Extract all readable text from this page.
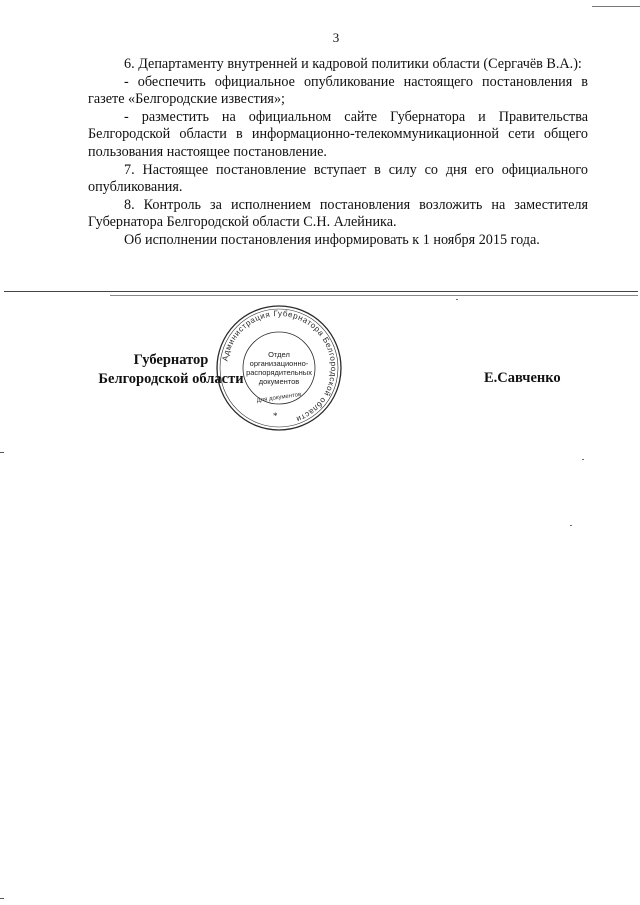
3

6. Департаменту внутренней и кадровой политики области (Сергачёв В.А.):

- обеспечить официальное опубликование настоящего постановления в газете «Белгородские известия»;

- разместить на официальном сайте Губернатора и Правительства Белгородской области в информационно-телекоммуникационной сети общего пользования настоящее постановление.

7. Настоящее постановление вступает в силу со дня его официального опубликования.

8. Контроль за исполнением постановления возложить на заместителя Губернатора Белгородской области С.Н. Алейника.

Об исполнении постановления информировать к 1 ноября 2015 года.

Губернатор
Белгородской области
Администрация Губернатора Белгородской области
Отдел
организационно-
распорядительных
документов
Для документов
*
Е.Савченко
